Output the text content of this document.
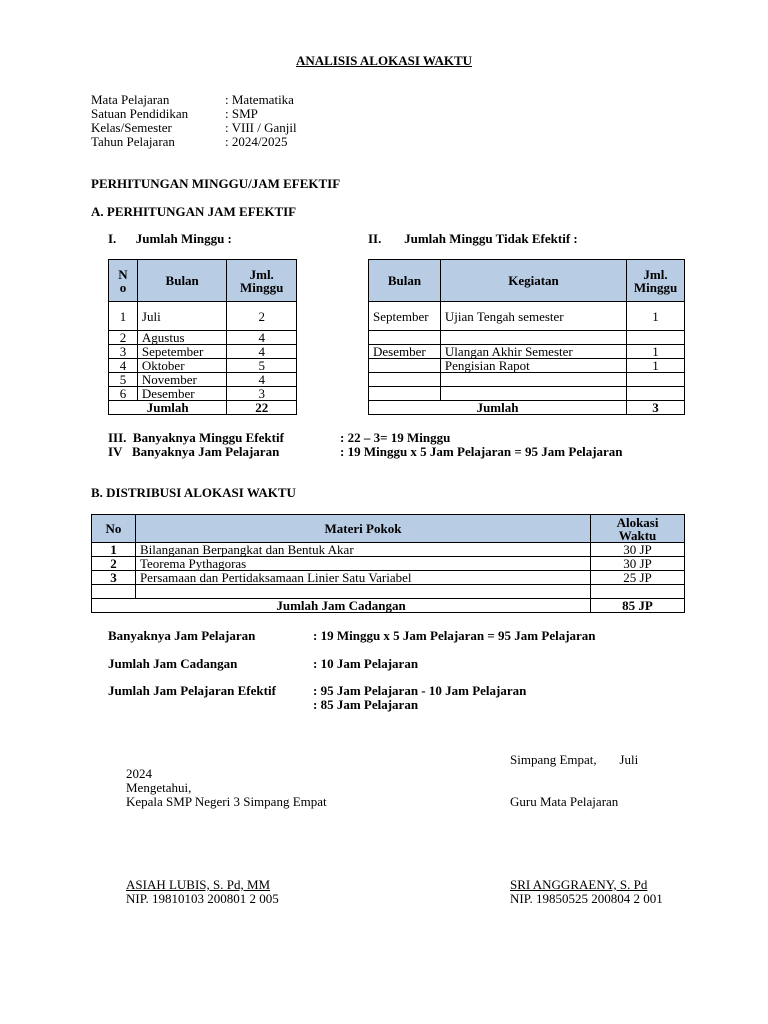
ANALISIS ALOKASI WAKTU
Mata Pelajaran	: Matematika
Satuan Pendidikan	: SMP
Kelas/Semester	: VIII / Ganjil
Tahun Pelajaran	: 2024/2025
PERHITUNGAN MINGGU/JAM EFEKTIF
A. PERHITUNGAN JAM EFEKTIF
I.      Jumlah Minggu :	II.       Jumlah Minggu Tidak Efektif :
N o	Bulan	Jml. Minggu
1	Juli	2
2	Agustus	4
3	Sepetember	4
4	Oktober	5
5	November	4
6	Desember	3
Jumlah		22
Bulan	Kegiatan	Jml. Minggu
September	Ujian Tengah semester	1

Desember	Ulangan Akhir Semester	1
	Pengisian Rapot	1

Jumlah		3
III.  Banyaknya Minggu Efektif	: 22 – 3= 19 Minggu
IV   Banyaknya Jam Pelajaran	: 19 Minggu x 5 Jam Pelajaran = 95 Jam Pelajaran
B. DISTRIBUSI ALOKASI WAKTU
No	Materi Pokok	Alokasi Waktu
1	Bilanganan Berpangkat dan Bentuk Akar	30 JP
2	Teorema Pythagoras	30 JP
3	Persamaan dan Pertidaksamaan Linier Satu Variabel	25 JP

Jumlah Jam Cadangan		85 JP
Banyaknya Jam Pelajaran	: 19 Minggu x 5 Jam Pelajaran = 95 Jam Pelajaran
Jumlah Jam Cadangan	: 10 Jam Pelajaran
Jumlah Jam Pelajaran Efektif	: 95 Jam Pelajaran - 10 Jam Pelajaran
: 85 Jam Pelajaran
Simpang Empat,       Juli
2024
Mengetahui,
Kepala SMP Negeri 3 Simpang Empat	Guru Mata Pelajaran
ASIAH LUBIS, S. Pd, MM
NIP. 19810103 200801 2 005
SRI ANGGRAENY, S. Pd
NIP. 19850525 200804 2 001
